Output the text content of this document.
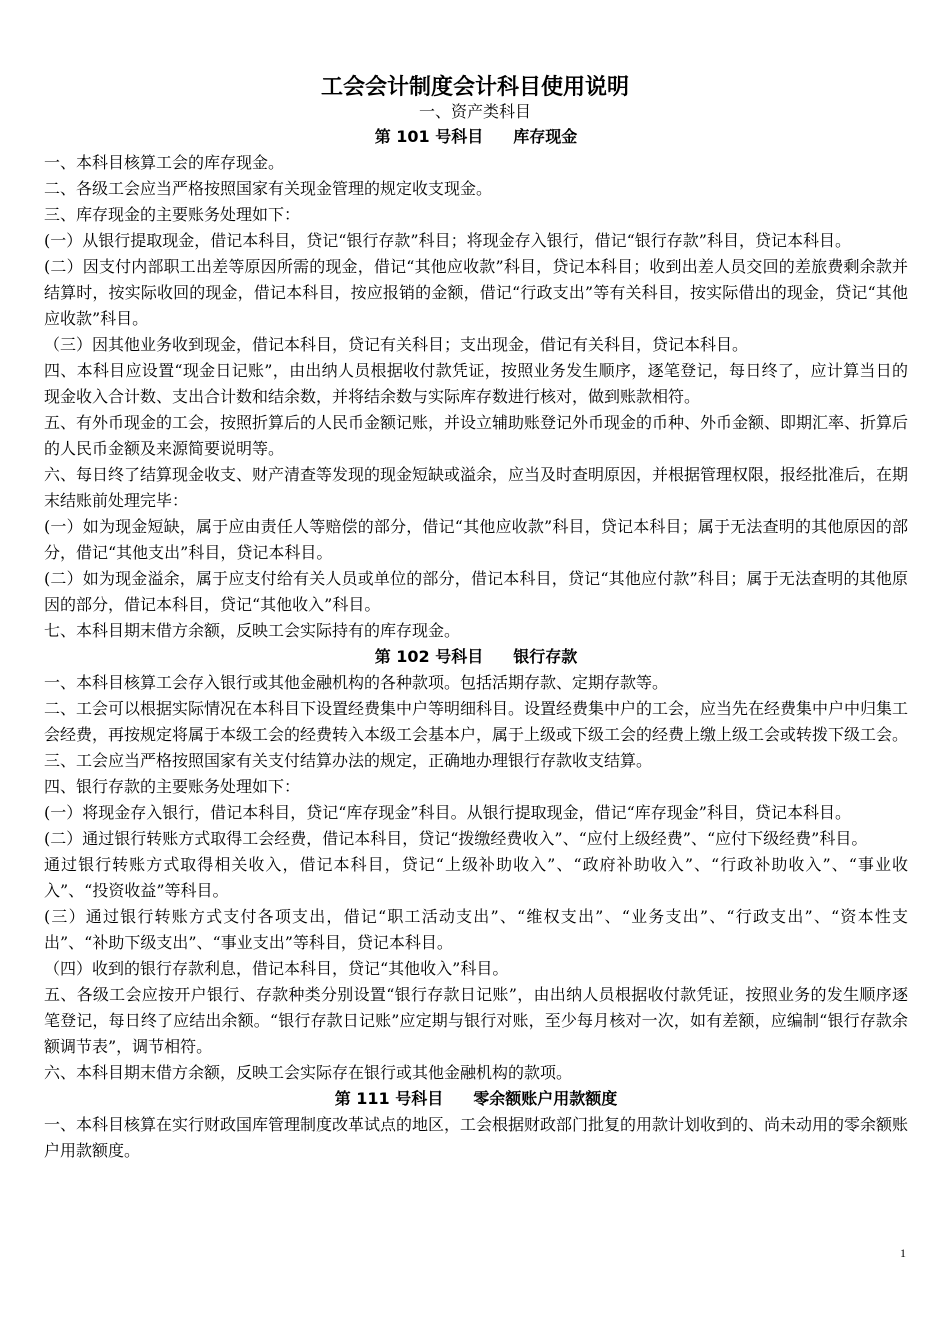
工会会计制度会计科目使用说明
一、资产类科目
第 101 号科目 库存现金
一、本科目核算工会的库存现金。
二、各级工会应当严格按照国家有关现金管理的规定收支现金。
三、库存现金的主要账务处理如下：
(一）从银行提取现金，借记本科目，贷记“银行存款”科目；将现金存入银行，借记“银行存款”科目，贷记本科目。
(二）因支付内部职工出差等原因所需的现金，借记“其他应收款”科目，贷记本科目；收到出差人员交回的差旅费剩余款并结算时，按实际收回的现金，借记本科目，按应报销的金额，借记“行政支出”等有关科目，按实际借出的现金，贷记“其他应收款”科目。
（三）因其他业务收到现金，借记本科目，贷记有关科目；支出现金，借记有关科目，贷记本科目。
四、本科目应设置“现金日记账”，由出纳人员根据收付款凭证，按照业务发生顺序，逐笔登记，每日终了，应计算当日的现金收入合计数、支出合计数和结余数，并将结余数与实际库存数进行核对，做到账款相符。
五、有外币现金的工会，按照折算后的人民币金额记账，并设立辅助账登记外币现金的币种、外币金额、即期汇率、折算后的人民币金额及来源简要说明等。
六、每日终了结算现金收支、财产清查等发现的现金短缺或溢余，应当及时查明原因，并根据管理权限，报经批准后，在期末结账前处理完毕：
(一）如为现金短缺，属于应由责任人等赔偿的部分，借记“其他应收款”科目，贷记本科目；属于无法查明的其他原因的部分，借记“其他支出”科目，贷记本科目。
(二）如为现金溢余，属于应支付给有关人员或单位的部分，借记本科目，贷记“其他应付款”科目；属于无法查明的其他原因的部分，借记本科目，贷记“其他收入”科目。
七、本科目期末借方余额，反映工会实际持有的库存现金。
第 102 号科目 银行存款
一、本科目核算工会存入银行或其他金融机构的各种款项。包括活期存款、定期存款等。
二、工会可以根据实际情况在本科目下设置经费集中户等明细科目。设置经费集中户的工会，应当先在经费集中户中归集工会经费，再按规定将属于本级工会的经费转入本级工会基本户，属于上级或下级工会的经费上缴上级工会或转拨下级工会。
三、工会应当严格按照国家有关支付结算办法的规定，正确地办理银行存款收支结算。
四、银行存款的主要账务处理如下：
(一）将现金存入银行，借记本科目，贷记“库存现金”科目。从银行提取现金，借记“库存现金”科目，贷记本科目。
(二）通过银行转账方式取得工会经费，借记本科目，贷记“拨缴经费收入”、“应付上级经费”、“应付下级经费”科目。
通过银行转账方式取得相关收入，借记本科目，贷记“上级补助收入”、“政府补助收入”、“行政补助收入”、“事业收入”、“投资收益”等科目。
(三）通过银行转账方式支付各项支出，借记“职工活动支出”、“维权支出”、“业务支出”、“行政支出”、“资本性支出”、“补助下级支出”、“事业支出”等科目，贷记本科目。
（四）收到的银行存款利息，借记本科目，贷记“其他收入”科目。
五、各级工会应按开户银行、存款种类分别设置“银行存款日记账”，由出纳人员根据收付款凭证，按照业务的发生顺序逐笔登记，每日终了应结出余额。“银行存款日记账”应定期与银行对账，至少每月核对一次，如有差额，应编制“银行存款余额调节表”，调节相符。
六、本科目期末借方余额，反映工会实际存在银行或其他金融机构的款项。
第 111 号科目 零余额账户用款额度
一、本科目核算在实行财政国库管理制度改革试点的地区，工会根据财政部门批复的用款计划收到的、尚未动用的零余额账户用款额度。
1
